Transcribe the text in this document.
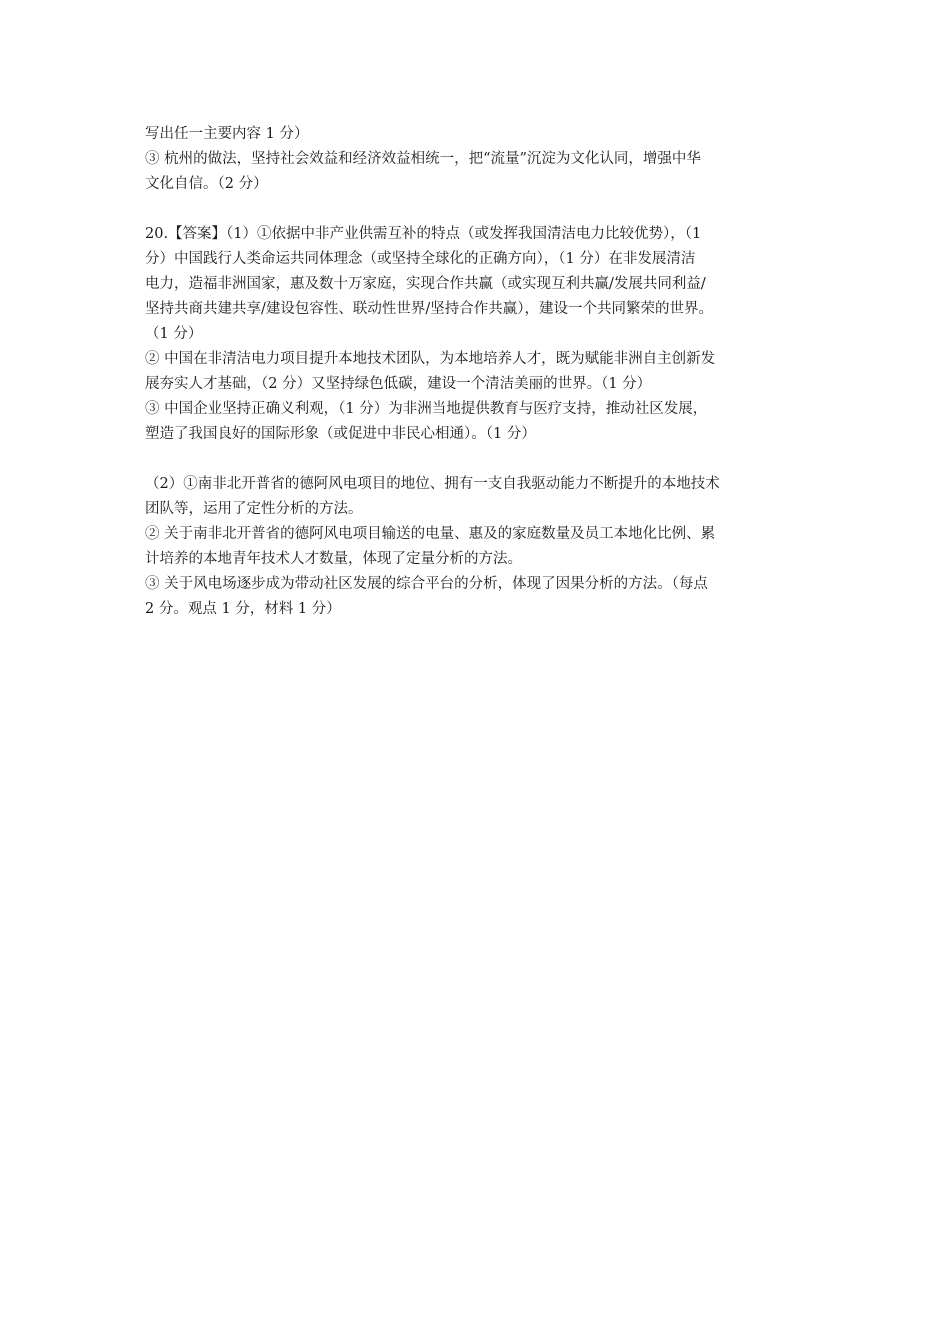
写出任一主要内容 1 分）
③ 杭州的做法，坚持社会效益和经济效益相统一，把“流量”沉淀为文化认同，增强中华
文化自信。（2 分）
20.【答案】（1）①依据中非产业供需互补的特点（或发挥我国清洁电力比较优势），（1
分）中国践行人类命运共同体理念（或坚持全球化的正确方向），（1 分）在非发展清洁
电力，造福非洲国家，惠及数十万家庭，实现合作共赢（或实现互利共赢/发展共同利益/
坚持共商共建共享/建设包容性、联动性世界/坚持合作共赢），建设一个共同繁荣的世界。
（1 分）
② 中国在非清洁电力项目提升本地技术团队，为本地培养人才，既为赋能非洲自主创新发
展夯实人才基础，（2 分）又坚持绿色低碳，建设一个清洁美丽的世界。（1 分）
③ 中国企业坚持正确义利观，（1 分）为非洲当地提供教育与医疗支持，推动社区发展，
塑造了我国良好的国际形象（或促进中非民心相通）。（1 分）
（2）①南非北开普省的德阿风电项目的地位、拥有一支自我驱动能力不断提升的本地技术
团队等，运用了定性分析的方法。
② 关于南非北开普省的德阿风电项目输送的电量、惠及的家庭数量及员工本地化比例、累
计培养的本地青年技术人才数量，体现了定量分析的方法。
③ 关于风电场逐步成为带动社区发展的综合平台的分析，体现了因果分析的方法。（每点
2 分。观点 1 分，材料 1 分）
